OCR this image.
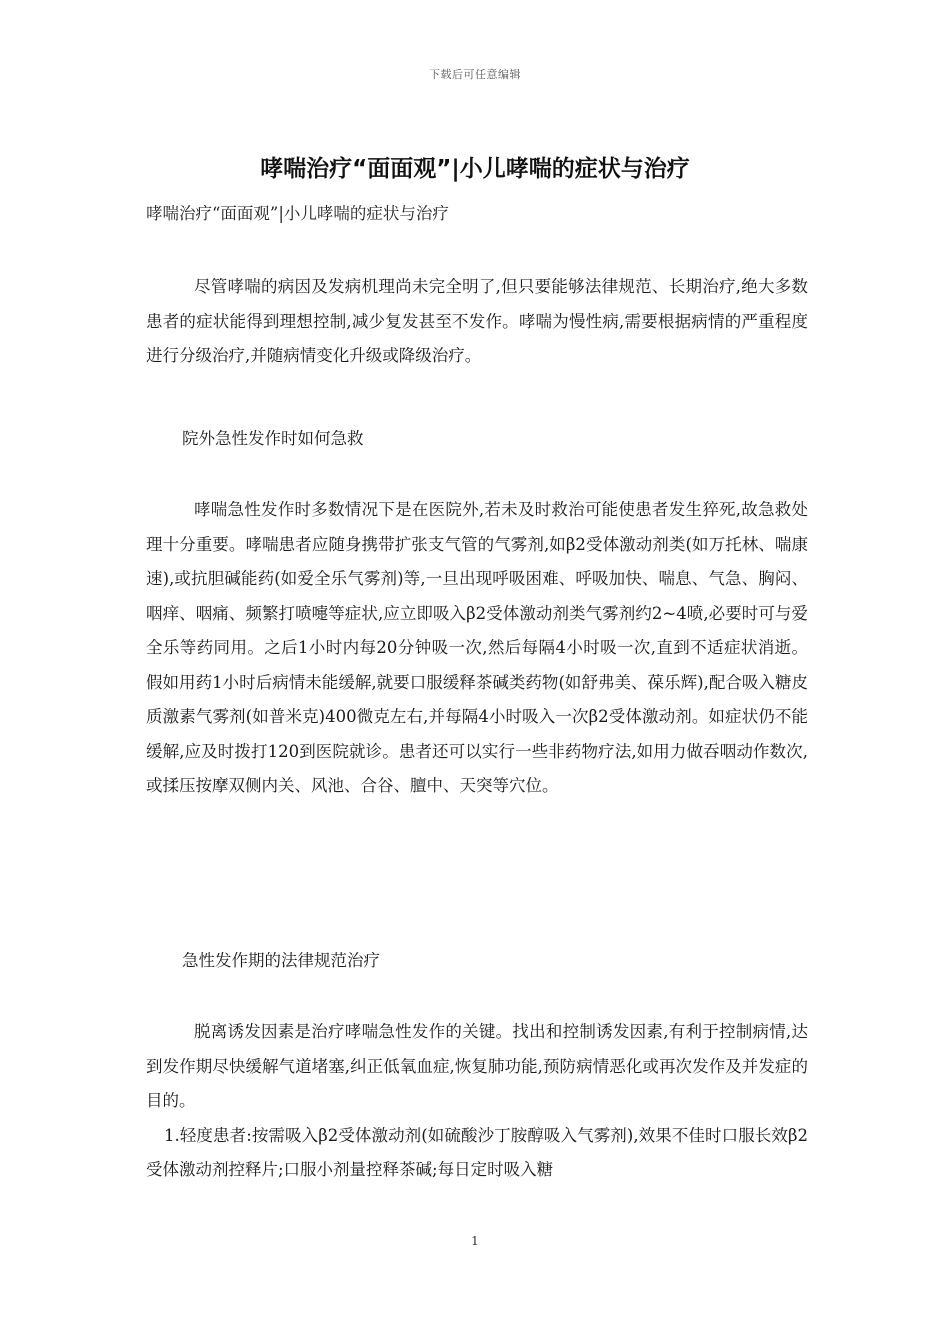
下载后可任意编辑
哮喘治疗“面面观”|小儿哮喘的症状与治疗
哮喘治疗“面面观”|小儿哮喘的症状与治疗

尽管哮喘的病因及发病机理尚未完全明了,但只要能够法律规范、长期治疗,绝大多数患者的症状能得到理想控制,减少复发甚至不发作。哮喘为慢性病,需要根据病情的严重程度进行分级治疗,并随病情变化升级或降级治疗。

院外急性发作时如何急救

哮喘急性发作时多数情况下是在医院外,若未及时救治可能使患者发生猝死,故急救处理十分重要。哮喘患者应随身携带扩张支气管的气雾剂,如β2受体激动剂类(如万托林、喘康速),或抗胆碱能药(如爱全乐气雾剂)等,一旦出现呼吸困难、呼吸加快、喘息、气急、胸闷、咽痒、咽痛、频繁打喷嚏等症状,应立即吸入β2受体激动剂类气雾剂约2~4喷,必要时可与爱全乐等药同用。之后1小时内每20分钟吸一次,然后每隔4小时吸一次,直到不适症状消逝。假如用药1小时后病情未能缓解,就要口服缓释茶碱类药物(如舒弗美、葆乐辉),配合吸入糖皮质激素气雾剂(如普米克)400微克左右,并每隔4小时吸入一次β2受体激动剂。如症状仍不能缓解,应及时拨打120到医院就诊。患者还可以实行一些非药物疗法,如用力做吞咽动作数次,或揉压按摩双侧内关、风池、合谷、膻中、天突等穴位。

急性发作期的法律规范治疗

脱离诱发因素是治疗哮喘急性发作的关键。找出和控制诱发因素,有利于控制病情,达到发作期尽快缓解气道堵塞,纠正低氧血症,恢复肺功能,预防病情恶化或再次发作及并发症的目的。

1.轻度患者:按需吸入β2受体激动剂(如硫酸沙丁胺醇吸入气雾剂),效果不佳时口服长效β2受体激动剂控释片;口服小剂量控释茶碱;每日定时吸入糖

1
